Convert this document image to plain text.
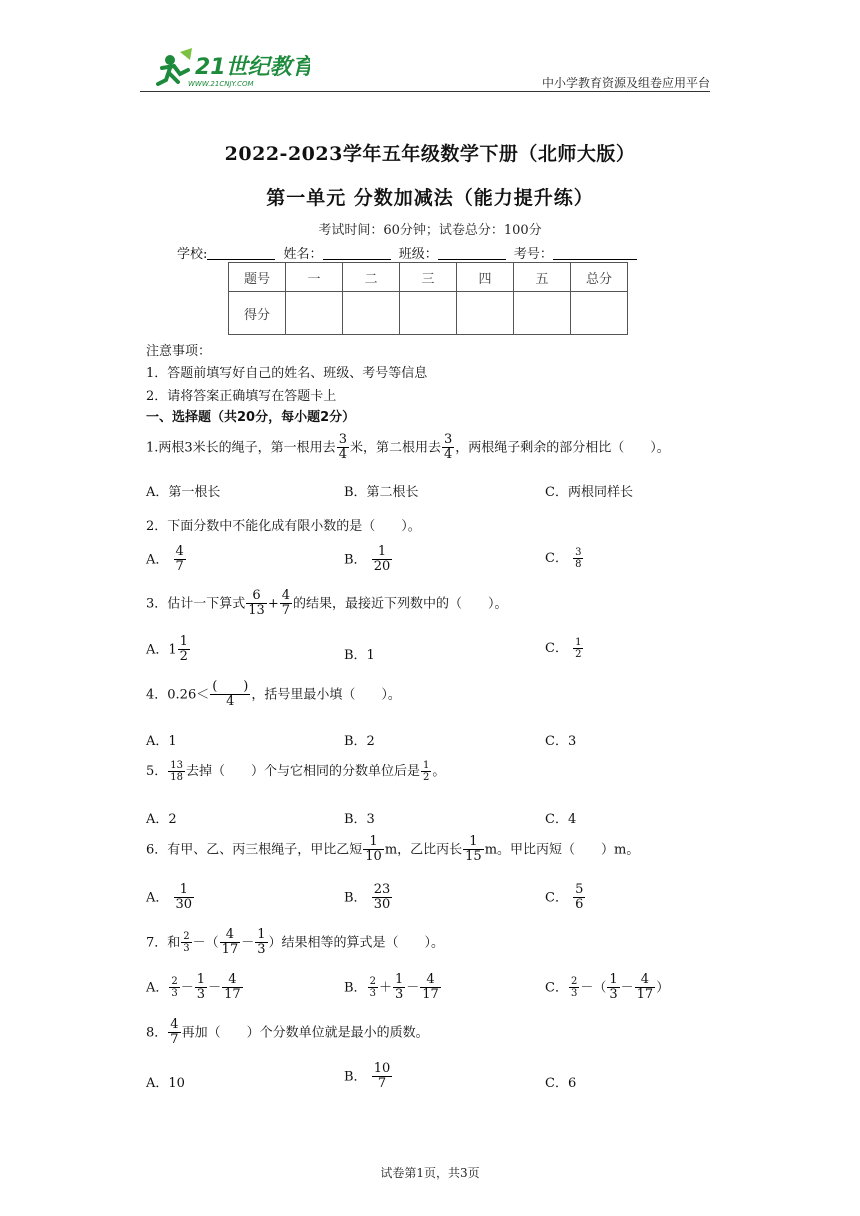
21世纪教育
WWW.21CNJY.COM	中小学教育资源及组卷应用平台
2022-2023学年五年级数学下册（北师大版）
第一单元 分数加减法（能力提升练）
考试时间：60分钟；试卷总分：100分
学校:	姓名：	班级：	考号：
题号	一	二	三	四	五	总分
得分						
注意事项：
1．答题前填写好自己的姓名、班级、考号等信息
2．请将答案正确填写在答题卡上
一、选择题（共20分，每小题2分）
1.两根3米长的绳子，第一根用去 $\frac{3}{4}$ 米，第二根用去 $\frac{3}{4}$ ，两根绳子剩余的部分相比（　　）。
A．第一根长	B．第二根长	C．两根同样长
2．下面分数中不能化成有限小数的是（　　）。
A． $\frac{4}{7}$	B． $\frac{1}{20}$	C． $\frac{3}{8}$
3．估计一下算式 $\frac{6}{13} + \frac{4}{7}$ 的结果，最接近下列数中的（　　）。
A．$1 \frac{1}{2}$	B．1	C． $\frac{1}{2}$
4．$0.26< \frac{( )}{4}$ ，括号里最小填（　　）。
A．1	B．2	C．3
5． $\frac{13}{18}$ 去掉（　　）个与它相同的分数单位后是 $\frac{1}{2}$ 。
A．2	B．3	C．4
6．有甲、乙、丙三根绳子，甲比乙短 $\frac{1}{10}$ m，乙比丙长 $\frac{1}{15}$ m。甲比丙短（　　）m。
A． $\frac{1}{30}$	B． $\frac{23}{30}$	C． $\frac{5}{6}$
7．和 $\frac{2}{3}$ －（ $\frac{4}{17} - \frac{1}{3}$ ）结果相等的算式是（　　）。
A． $\frac{2}{3} - \frac{1}{3} - \frac{4}{17}$	B． $\frac{2}{3} + \frac{1}{3} - \frac{4}{17}$	C． $\frac{2}{3}$ －（ $\frac{1}{3} - \frac{4}{17}$ ）
8． $\frac{4}{7}$ 再加（　　）个分数单位就是最小的质数。
A．10	B． $\frac{10}{7}$	C．6
试卷第1页，共3页
